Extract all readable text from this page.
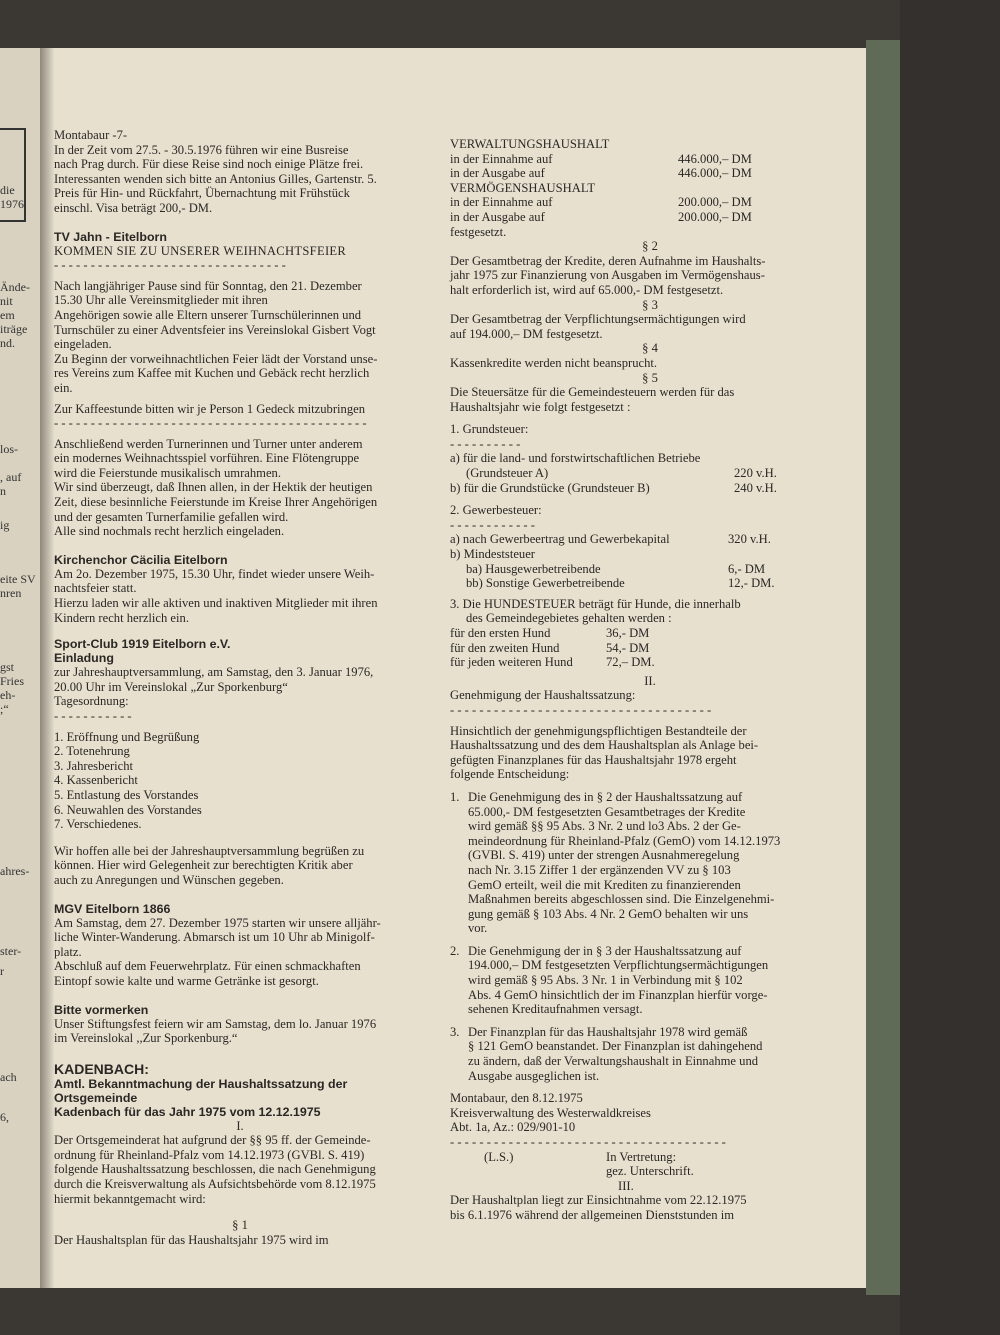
die
1976
Ände-
nit
em
iträge
nd.
los-
, auf
n
ig
eite SV
nren
gst
Fries
eh-
;“
ahres-
ster-
r
ach
6,

Montabaur -7-

In der Zeit vom 27.5. - 30.5.1976 führen wir eine Busreise

nach Prag durch. Für diese Reise sind noch einige Plätze frei.

Interessanten wenden sich bitte an Antonius Gilles, Gartenstr. 5.

Preis für Hin- und Rückfahrt, Übernachtung mit Frühstück

einschl. Visa beträgt 200,- DM.

TV Jahn - Eitelborn

KOMMEN SIE ZU UNSERER WEIHNACHTSFEIER

- - - - - - - - - - - - - - - - - - - - - - - - - - - - - - - -

Nach langjähriger Pause sind für Sonntag, den 21. Dezember

15.30 Uhr alle Vereinsmitglieder mit ihren

Angehörigen sowie alle Eltern unserer Turnschülerinnen und

Turnschüler zu einer Adventsfeier ins Vereinslokal Gisbert Vogt

eingeladen.

Zu Beginn der vorweihnachtlichen Feier lädt der Vorstand unse-

res Vereins zum Kaffee mit Kuchen und Gebäck recht herzlich

ein.

Zur Kaffeestunde bitten wir je Person 1 Gedeck mitzubringen

- - - - - - - - - - - - - - - - - - - - - - - - - - - - - - - - - - - - - - - - - - -

Anschließend werden Turnerinnen und Turner unter anderem

ein modernes Weihnachtsspiel vorführen. Eine Flötengruppe

wird die Feierstunde musikalisch umrahmen.

Wir sind überzeugt, daß Ihnen allen, in der Hektik der heutigen

Zeit, diese besinnliche Feierstunde im Kreise Ihrer Angehörigen

und der gesamten Turnerfamilie gefallen wird.

Alle sind nochmals recht herzlich eingeladen.

Kirchenchor Cäcilia Eitelborn

Am 2o. Dezember 1975, 15.30 Uhr, findet wieder unsere Weih-

nachtsfeier statt.

Hierzu laden wir alle aktiven und inaktiven Mitglieder mit ihren

Kindern recht herzlich ein.

Sport-Club 1919 Eitelborn e.V.

Einladung

zur Jahreshauptversammlung, am Samstag, den 3. Januar 1976,

20.00 Uhr im Vereinslokal „Zur Sporkenburg“

Tagesordnung:

- - - - - - - - - - -

1. Eröffnung und Begrüßung

2. Totenehrung

3. Jahresbericht

4. Kassenbericht

5. Entlastung des Vorstandes

6. Neuwahlen des Vorstandes

7. Verschiedenes.

Wir hoffen alle bei der Jahreshauptversammlung begrüßen zu

können. Hier wird Gelegenheit zur berechtigten Kritik aber

auch zu Anregungen und Wünschen gegeben.

MGV Eitelborn 1866

Am Samstag, dem 27. Dezember 1975 starten wir unsere alljähr-

liche Winter-Wanderung. Abmarsch ist um 10 Uhr ab Minigolf-

platz.

Abschluß auf dem Feuerwehrplatz. Für einen schmackhaften

Eintopf sowie kalte und warme Getränke ist gesorgt.

Bitte vormerken

Unser Stiftungsfest feiern wir am Samstag, dem lo. Januar 1976

im Vereinslokal ,,Zur Sporkenburg.“

KADENBACH:

Amtl. Bekanntmachung der Haushaltssatzung der Ortsgemeinde

Kadenbach für das Jahr 1975 vom 12.12.1975

I.

Der Ortsgemeinderat hat aufgrund der §§ 95 ff. der Gemeinde-

ordnung für Rheinland-Pfalz vom 14.12.1973 (GVBl. S. 419)

folgende Haushaltssatzung beschlossen, die nach Genehmigung

durch die Kreisverwaltung als Aufsichtsbehörde vom 8.12.1975

hiermit bekanntgemacht wird:

§ 1

Der Haushaltsplan für das Haushaltsjahr 1975 wird im

VERWALTUNGSHAUSHALT

in der Einnahme auf	446.000,– DM
in der Ausgabe auf	446.000,– DM

VERMÖGENSHAUSHALT

in der Einnahme auf	200.000,– DM
in der Ausgabe auf	200.000,– DM

festgesetzt.

§ 2

Der Gesamtbetrag der Kredite, deren Aufnahme im Haushalts-

jahr 1975 zur Finanzierung von Ausgaben im Vermögenshaus-

halt erforderlich ist, wird auf 65.000,- DM festgesetzt.

§ 3

Der Gesamtbetrag der Verpflichtungsermächtigungen wird

auf 194.000,– DM festgesetzt.

§ 4

Kassenkredite werden nicht beansprucht.

§ 5

Die Steuersätze für die Gemeindesteuern werden für das

Haushaltsjahr wie folgt festgesetzt :

1. Grundsteuer:

- - - - - - - - - -

a) für die land- und forstwirtschaftlichen Betriebe

(Grundsteuer A)	220 v.H.
b) für die Grundstücke (Grundsteuer B)	240 v.H.

2. Gewerbesteuer:

- - - - - - - - - - - -

a) nach Gewerbeertrag und Gewerbekapital	320 v.H.

b) Mindeststeuer

ba) Hausgewerbetreibende	6,- DM
bb) Sonstige Gewerbetreibende	12,- DM.

3. Die HUNDESTEUER beträgt für Hunde, die innerhalb

des Gemeindegebietes gehalten werden :

für den ersten Hund	36,- DM
für den zweiten Hund	54,- DM
für jeden weiteren Hund	72,– DM.

II.

Genehmigung der Haushaltssatzung:

- - - - - - - - - - - - - - - - - - - - - - - - - - - - - - - - - - - -

Hinsichtlich der genehmigungspflichtigen Bestandteile der

Haushaltssatzung und des dem Haushaltsplan als Anlage bei-

gefügten Finanzplanes für das Haushaltsjahr 1978 ergeht

folgende Entscheidung:

1. Die Genehmigung des in § 2 der Haushaltssatzung auf

65.000,- DM festgesetzten Gesamtbetrages der Kredite

wird gemäß §§ 95 Abs. 3 Nr. 2 und lo3 Abs. 2 der Ge-

meindeordnung für Rheinland-Pfalz (GemO) vom 14.12.1973

(GVBl. S. 419) unter der strengen Ausnahmeregelung

nach Nr. 3.15 Ziffer 1 der ergänzenden VV zu § 103

GemO erteilt, weil die mit Krediten zu finanzierenden

Maßnahmen bereits abgeschlossen sind. Die Einzelgenehmi-

gung gemäß § 103 Abs. 4 Nr. 2 GemO behalten wir uns

vor.

2. Die Genehmigung der in § 3 der Haushaltssatzung auf

194.000,– DM festgesetzten Verpflichtungsermächtigungen

wird gemäß § 95 Abs. 3 Nr. 1 in Verbindung mit § 102

Abs. 4 GemO hinsichtlich der im Finanzplan hierfür vorge-

sehenen Kreditaufnahmen versagt.

3. Der Finanzplan für das Haushaltsjahr 1978 wird gemäß

§ 121 GemO beanstandet. Der Finanzplan ist dahingehend

zu ändern, daß der Verwaltungshaushalt in Einnahme und

Ausgabe ausgeglichen ist.

Montabaur, den 8.12.1975

Kreisverwaltung des Westerwaldkreises

Abt. 1a, Az.: 029/901-10

- - - - - - - - - - - - - - - - - - - - - - - - - - - - - - - - - - - - - -

(L.S.)	In Vertretung:
gez. Unterschrift.
III.

Der Haushaltplan liegt zur Einsichtnahme vom 22.12.1975

bis 6.1.1976 während der allgemeinen Dienststunden im
